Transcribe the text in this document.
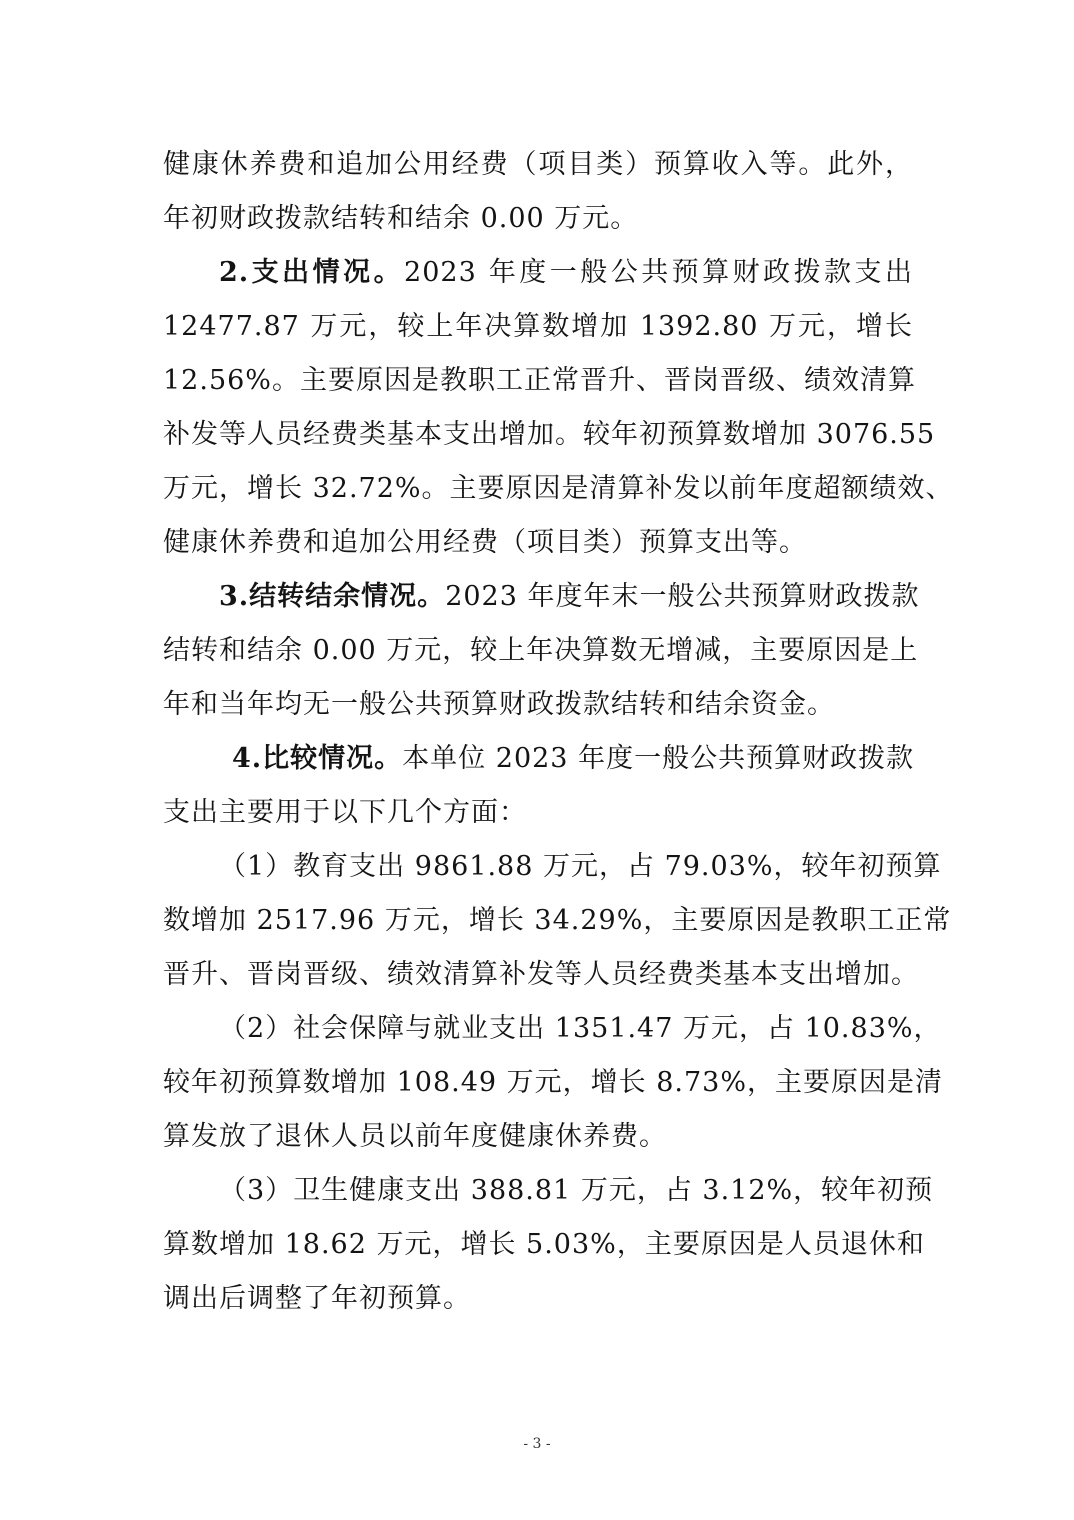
健康休养费和追加公用经费（项目类）预算收入等。此外，
年初财政拨款结转和结余 0.00 万元。
2.支出情况。2023 年度一般公共预算财政拨款支出
12477.87 万元，较上年决算数增加 1392.80 万元，增长
12.56%。主要原因是教职工正常晋升、晋岗晋级、绩效清算
补发等人员经费类基本支出增加。较年初预算数增加 3076.55
万元，增长 32.72%。主要原因是清算补发以前年度超额绩效、
健康休养费和追加公用经费（项目类）预算支出等。
3.结转结余情况。2023 年度年末一般公共预算财政拨款
结转和结余 0.00 万元，较上年决算数无增减，主要原因是上
年和当年均无一般公共预算财政拨款结转和结余资金。
4.比较情况。本单位 2023 年度一般公共预算财政拨款
支出主要用于以下几个方面：
（1）教育支出 9861.88 万元，占 79.03%，较年初预算
数增加 2517.96 万元，增长 34.29%，主要原因是教职工正常
晋升、晋岗晋级、绩效清算补发等人员经费类基本支出增加。
（2）社会保障与就业支出 1351.47 万元，占 10.83%，
较年初预算数增加 108.49 万元，增长 8.73%，主要原因是清
算发放了退休人员以前年度健康休养费。
（3）卫生健康支出 388.81 万元，占 3.12%，较年初预
算数增加 18.62 万元，增长 5.03%，主要原因是人员退休和
调出后调整了年初预算。
- 3 -
